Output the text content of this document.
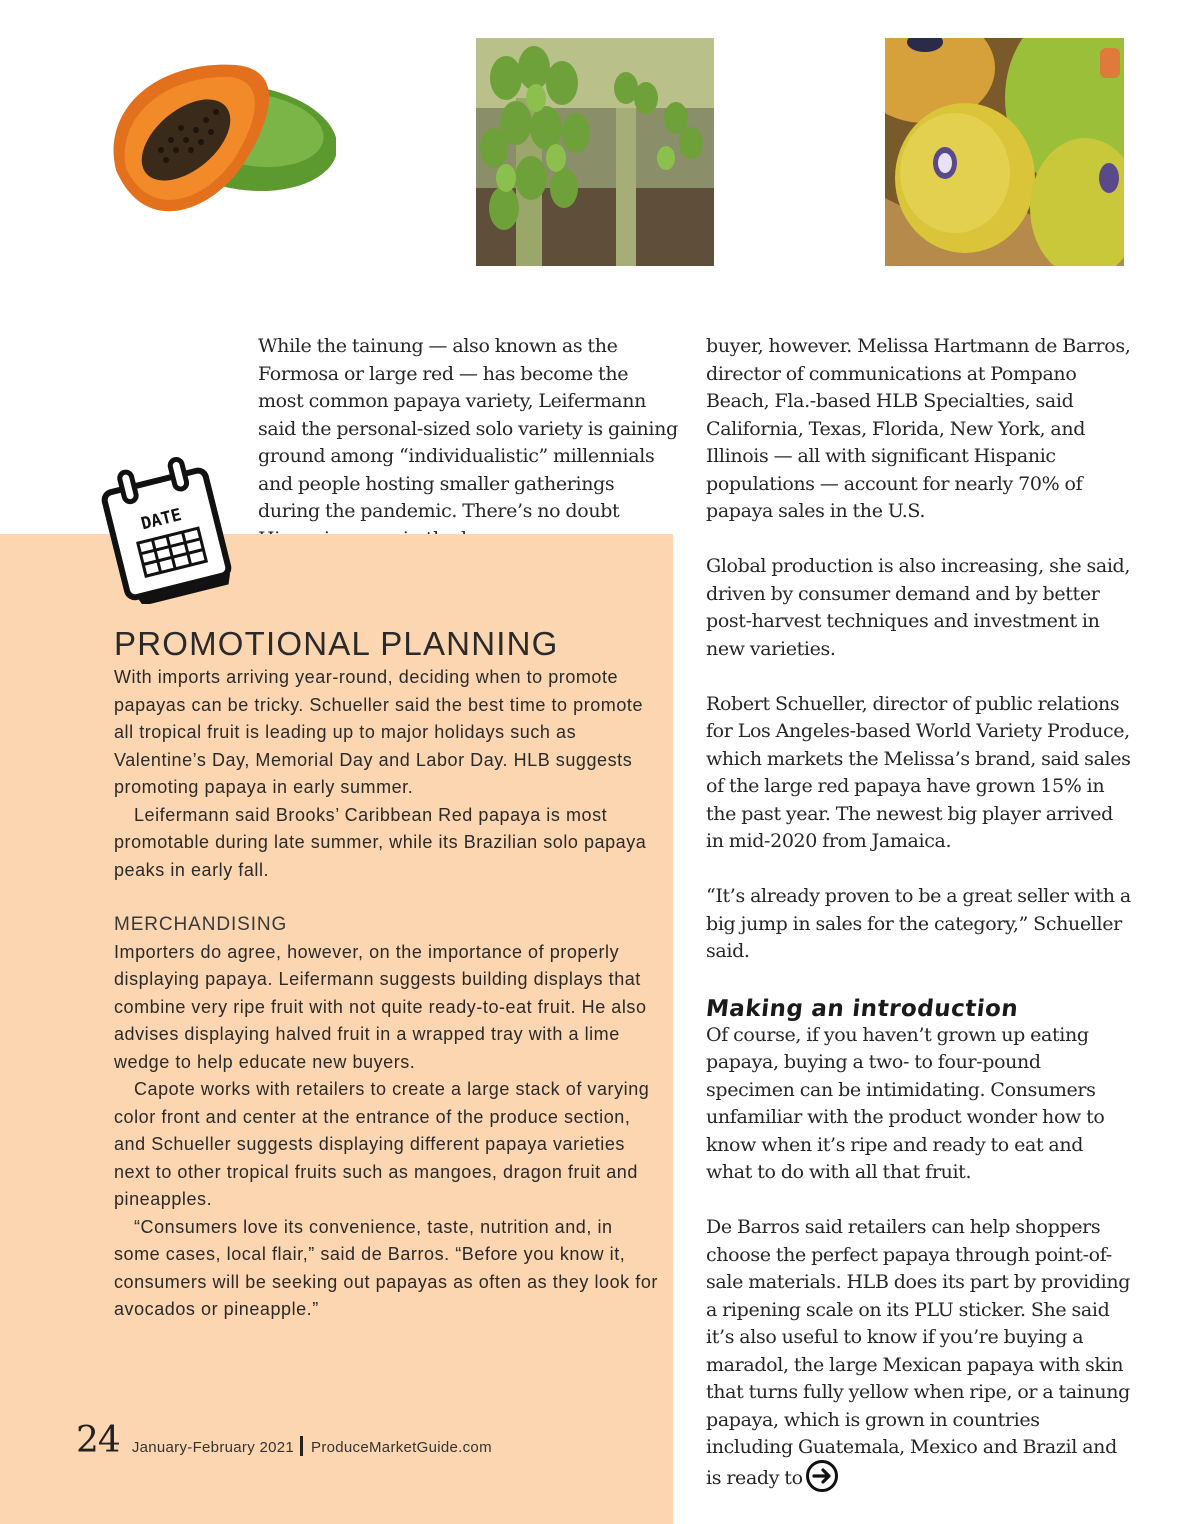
While the tainung — also known as the Formosa or large red — has become the most common papaya variety, Leifermann said the personal-sized solo variety is gaining ground among “individualistic” millennials and people hosting smaller gatherings during the pandemic. There’s no doubt

DATE
PROMOTIONAL PLANNING

With imports arriving year-round, deciding when to promote papayas can be tricky. Schueller said the best time to promote all tropical fruit is leading up to major holidays such as Valentine’s Day, Memorial Day and Labor Day. HLB suggests promoting papaya in early summer.

Leifermann said Brooks’ Caribbean Red papaya is most promotable during late summer, while its Brazilian solo papaya peaks in early fall.

MERCHANDISING

Importers do agree, however, on the importance of properly displaying papaya. Leifermann suggests building displays that combine very ripe fruit with not quite ready-to-eat fruit. He also advises displaying halved fruit in a wrapped tray with a lime wedge to help educate new buyers.

Capote works with retailers to create a large stack of varying color front and center at the entrance of the produce section, and Schueller suggests displaying different papaya varieties next to other tropical fruits such as mangoes, dragon fruit and pineapples.

“Consumers love its convenience, taste, nutrition and, in some cases, local flair,” said de Barros. “Before you know it, consumers will be seeking out papayas as often as they look for avocados or pineapple.”

buyer, however. Melissa Hartmann de Barros, director of communications at Pompano Beach, Fla.-based HLB Specialties, said California, Texas, Florida, New York, and Illinois — all with significant Hispanic populations — account for nearly 70% of papaya sales in the U.S.

Global production is also increasing, she said, driven by consumer demand and by better post-harvest techniques and investment in new varieties.

Robert Schueller, director of public relations for Los Angeles-based World Variety Produce, which markets the Melissa’s brand, said sales of the large red papaya have grown 15% in the past year. The newest big player arrived in mid-2020 from Jamaica.

“It’s already proven to be a great seller with a big jump in sales for the category,” Schueller said.

Making an introduction

Of course, if you haven’t grown up eating papaya, buying a two- to four-pound specimen can be intimidating. Consumers unfamiliar with the product wonder how to know when it’s ripe and ready to eat and what to do with all that fruit.

De Barros said retailers can help shoppers choose the perfect papaya through point-of-sale materials. HLB does its part by providing a ripening scale on its PLU sticker. She said it’s also useful to know if you’re buying a maradol, the large Mexican papaya with skin that turns fully yellow when ripe, or a tainung papaya, which is grown in countries including Guatemala, Mexico and Brazil and is ready to

24 January-February 2021 ProduceMarketGuide.com
